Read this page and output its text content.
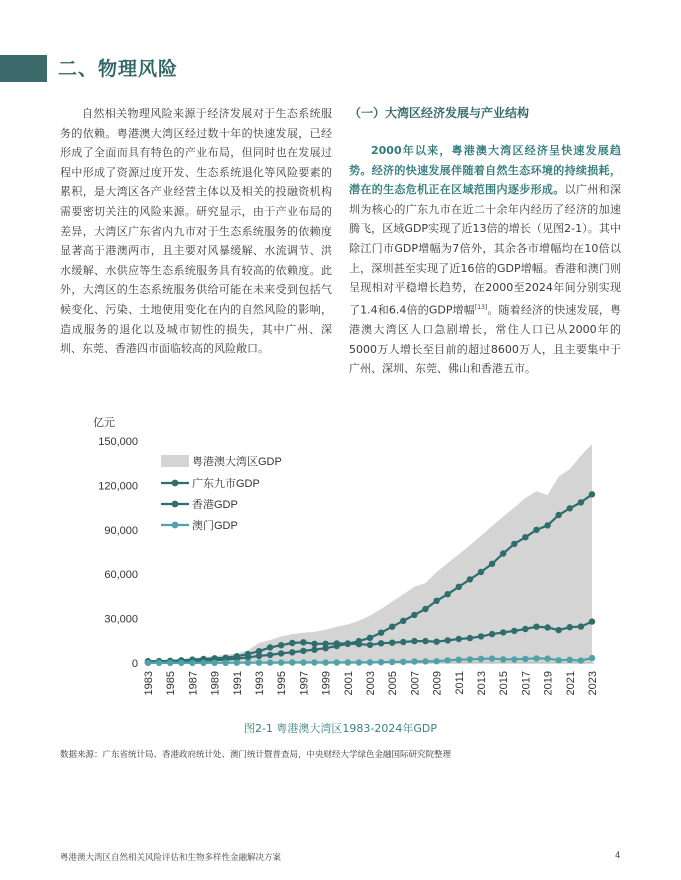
二、物理风险
自然相关物理风险来源于经济发展对于生态系统服务的依赖。粤港澳大湾区经过数十年的快速发展，已经形成了全面而具有特色的产业布局，但同时也在发展过程中形成了资源过度开发、生态系统退化等风险要素的累积，是大湾区各产业经营主体以及相关的投融资机构需要密切关注的风险来源。研究显示，由于产业布局的差异，大湾区广东省内九市对于生态系统服务的依赖度显著高于港澳两市，且主要对风暴缓解、水流调节、洪水缓解、水供应等生态系统服务具有较高的依赖度。此外，大湾区的生态系统服务供给可能在未来受到包括气候变化、污染、土地使用变化在内的自然风险的影响，造成服务的退化以及城市韧性的损失，其中广州、深圳、东莞、香港四市面临较高的风险敞口。
（一）大湾区经济发展与产业结构
2000年以来，粤港澳大湾区经济呈快速发展趋势。经济的快速发展伴随着自然生态环境的持续损耗，潜在的生态危机正在区域范围内逐步形成。以广州和深圳为核心的广东九市在近二十余年内经历了经济的加速腾飞，区域GDP实现了近13倍的增长（见图2-1）。其中除江门市GDP增幅为7倍外，其余各市增幅均在10倍以上，深圳甚至实现了近16倍的GDP增幅。香港和澳门则呈现相对平稳增长趋势，在2000至2024年间分别实现了1.4和6.4倍的GDP增幅[13]。随着经济的快速发展，粤港澳大湾区人口急剧增长，常住人口已从2000年的5000万人增长至目前的超过8600万人，且主要集中于广州、深圳、东莞、佛山和香港五市。
亿元
0
30,000
60,000
90,000
120,000
150,000
1983 1985 1987 1989 1991 1993 1995 1997 1999 2001 2003 2005 2007 2009 2011 2013 2015 2017 2019 2021 2023
粤港澳大湾区GDP
广东九市GDP
香港GDP
澳门GDP
图2-1 粤港澳大湾区1983-2024年GDP
数据来源：广东省统计局、香港政府统计处、澳门统计暨普查局，中央财经大学绿色金融国际研究院整理
粤港澳大湾区自然相关风险评估和生物多样性金融解决方案	4
